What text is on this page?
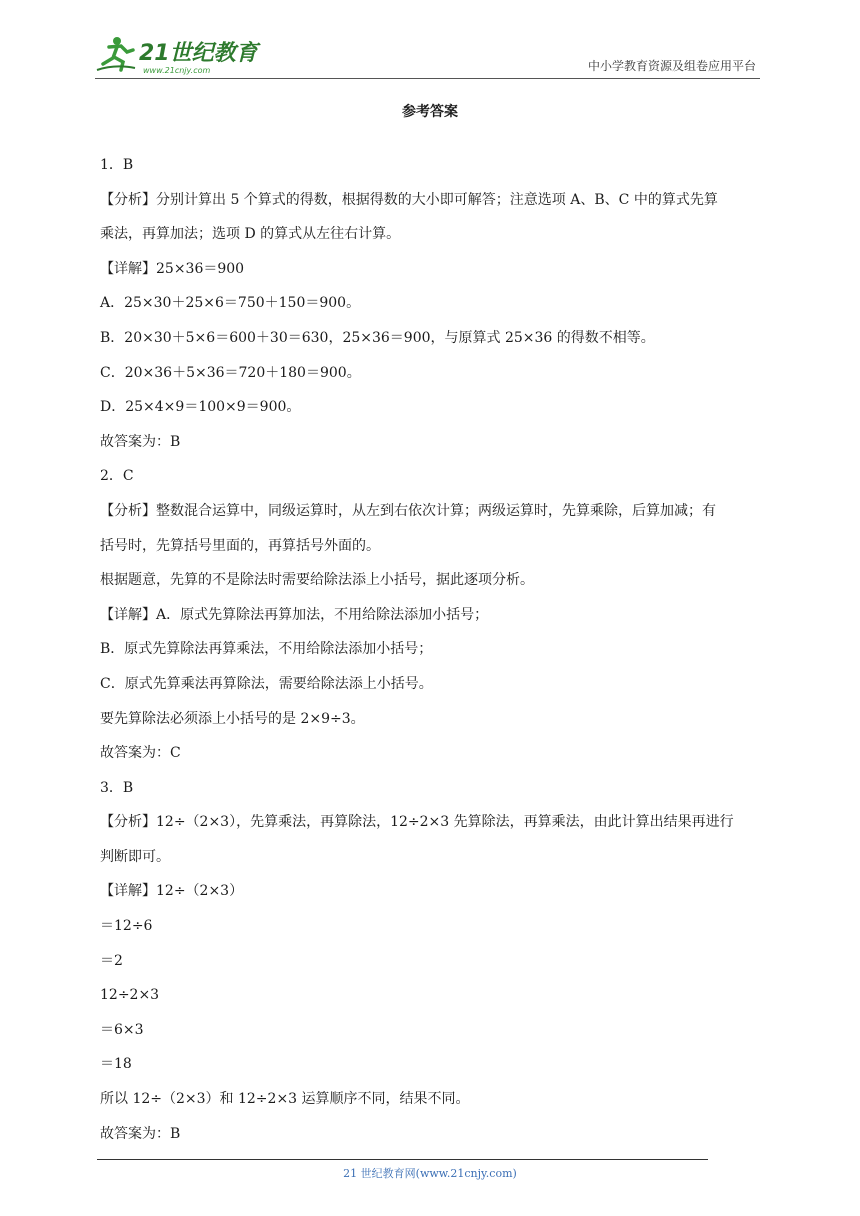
21世纪教育
www.21cnjy.com	中小学教育资源及组卷应用平台
参考答案
1．B
【分析】分别计算出 5 个算式的得数，根据得数的大小即可解答；注意选项 A、B、C 中的算式先算
乘法，再算加法；选项 D 的算式从左往右计算。
【详解】25×36＝900
A．25×30＋25×6＝750＋150＝900。
B．20×30＋5×6＝600＋30＝630，25×36＝900，与原算式 25×36 的得数不相等。
C．20×36＋5×36＝720＋180＝900。
D．25×4×9＝100×9＝900。
故答案为：B
2．C
【分析】整数混合运算中，同级运算时，从左到右依次计算；两级运算时，先算乘除，后算加减；有
括号时，先算括号里面的，再算括号外面的。
根据题意，先算的不是除法时需要给除法添上小括号，据此逐项分析。
【详解】A．原式先算除法再算加法，不用给除法添加小括号；
B．原式先算除法再算乘法，不用给除法添加小括号；
C．原式先算乘法再算除法，需要给除法添上小括号。
要先算除法必须添上小括号的是 2×9÷3。
故答案为：C
3．B
【分析】12÷（2×3），先算乘法，再算除法，12÷2×3 先算除法，再算乘法，由此计算出结果再进行
判断即可。
【详解】12÷（2×3）
＝12÷6
＝2
12÷2×3
＝6×3
＝18
所以 12÷（2×3）和 12÷2×3 运算顺序不同，结果不同。
故答案为：B
21 世纪教育网(www.21cnjy.com)
